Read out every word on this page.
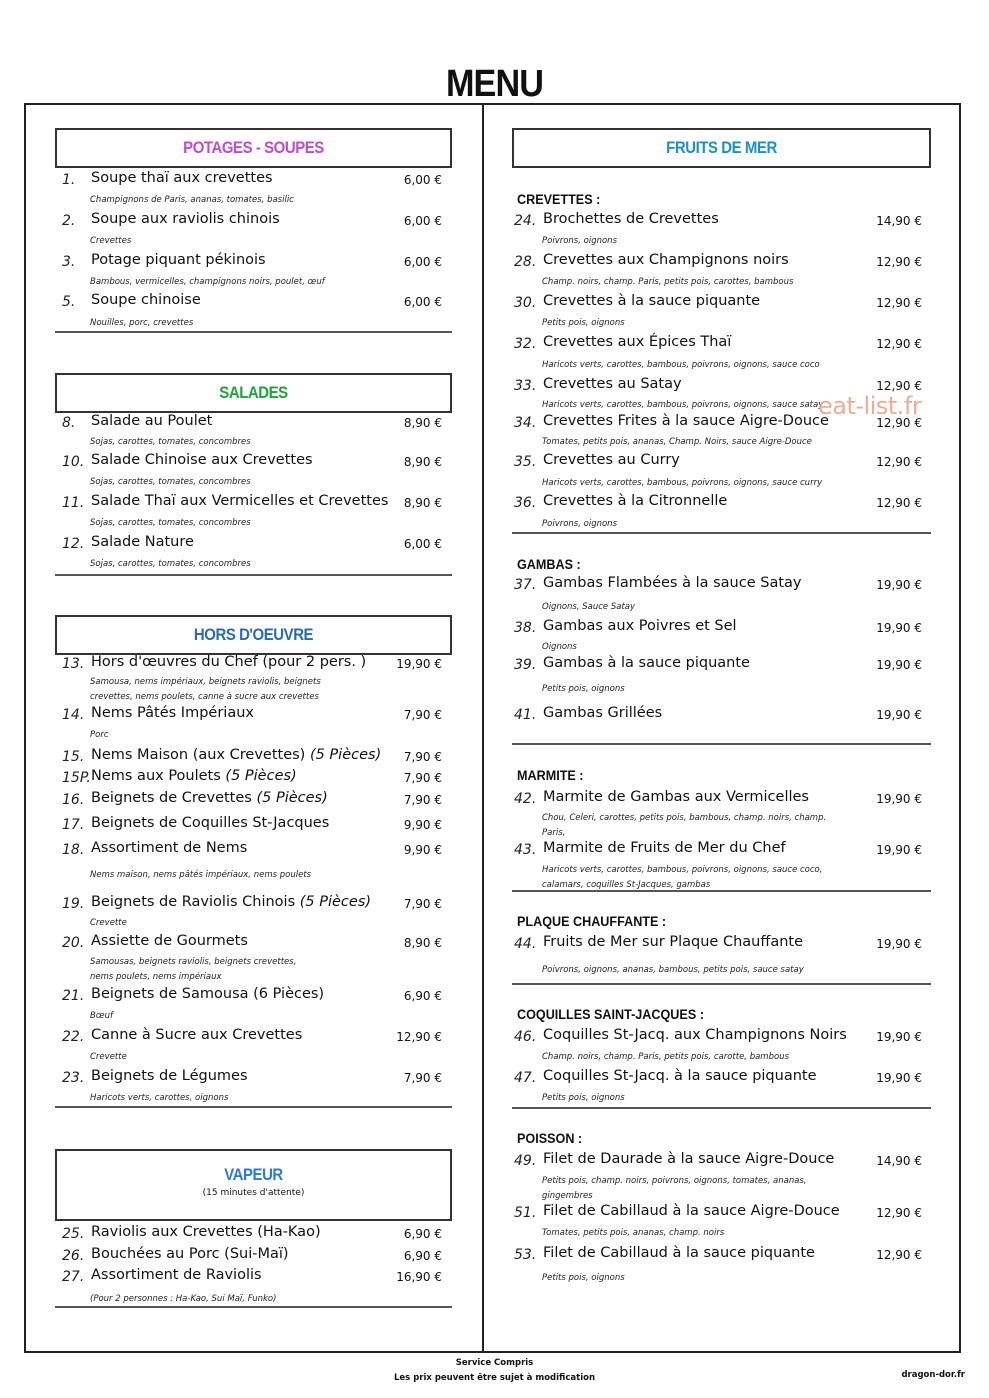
MENU
POTAGES - SOUPES
1. Soupe thaï aux crevettes	6,00 €
Champignons de Paris, ananas, tomates, basilic
2. Soupe aux raviolis chinois	6,00 €
Crevettes
3. Potage piquant pékinois	6,00 €
Bambous, vermicelles, champignons noirs, poulet, œuf
5. Soupe chinoise	6,00 €
Nouilles, porc, crevettes
SALADES
8. Salade au Poulet	8,90 €
Sojas, carottes, tomates, concombres
10. Salade Chinoise aux Crevettes	8,90 €
Sojas, carottes, tomates, concombres
11. Salade Thaï aux Vermicelles et Crevettes	8,90 €
Sojas, carottes, tomates, concombres
12. Salade Nature	6,00 €
Sojas, carottes, tomates, concombres
HORS D'OEUVRE
13. Hors d'œuvres du Chef (pour 2 pers. )	19,90 €
Samousa, nems impériaux, beignets raviolis, beignets
crevettes, nems poulets, canne à sucre aux crevettes
14. Nems Pâtés Impériaux	7,90 €
Porc
15. Nems Maison (aux Crevettes) (5 Pièces)	7,90 €
15P. Nems aux Poulets (5 Pièces)	7,90 €
16. Beignets de Crevettes (5 Pièces)	7,90 €
17. Beignets de Coquilles St-Jacques	9,90 €
18. Assortiment de Nems	9,90 €
Nems maison, nems pâtés impériaux, nems poulets
19. Beignets de Raviolis Chinois (5 Pièces)	7,90 €
Crevette
20. Assiette de Gourmets	8,90 €
Samousas, beignets raviolis, beignets crevettes,
nems poulets, nems impériaux
21. Beignets de Samousa (6 Pièces)	6,90 €
Bœuf
22. Canne à Sucre aux Crevettes	12,90 €
Crevette
23. Beignets de Légumes	7,90 €
Haricots verts, carottes, oignons
VAPEUR
(15 minutes d'attente)
25. Raviolis aux Crevettes (Ha-Kao)	6,90 €
26. Bouchées au Porc (Sui-Maï)	6,90 €
27. Assortiment de Raviolis	16,90 €
(Pour 2 personnes : Ha-Kao, Sui Maï, Funko)
FRUITS DE MER
CREVETTES :
24. Brochettes de Crevettes	14,90 €
Poivrons, oignons
28. Crevettes aux Champignons noirs	12,90 €
Champ. noirs, champ. Paris, petits pois, carottes, bambous
30. Crevettes à la sauce piquante	12,90 €
Petits pois, oignons
32. Crevettes aux Épices Thaï	12,90 €
Haricots verts, carottes, bambous, poivrons, oignons, sauce coco
33. Crevettes au Satay	12,90 €
Haricots verts, carottes, bambous, poivrons, oignons, sauce satay
34. Crevettes Frites à la sauce Aigre-Douce	12,90 €
Tomates, petits pois, ananas, Champ. Noirs, sauce Aigre-Douce
35. Crevettes au Curry	12,90 €
Haricots verts, carottes, bambous, poivrons, oignons, sauce curry
36. Crevettes à la Citronnelle	12,90 €
Poivrons, oignons
GAMBAS :
37. Gambas Flambées à la sauce Satay	19,90 €
Oignons, Sauce Satay
38. Gambas aux Poivres et Sel	19,90 €
Oignons
39. Gambas à la sauce piquante	19,90 €
Petits pois, oignons
41. Gambas Grillées	19,90 €
MARMITE :
42. Marmite de Gambas aux Vermicelles	19,90 €
Chou, Celeri, carottes, petits pois, bambous, champ. noirs, champ.
Paris,
43. Marmite de Fruits de Mer du Chef	19,90 €
Haricots verts, carottes, bambous, poivrons, oignons, sauce coco,
calamars, coquilles St-Jacques, gambas
PLAQUE CHAUFFANTE :
44. Fruits de Mer sur Plaque Chauffante	19,90 €
Poivrons, oignons, ananas, bambous, petits pois, sauce satay
COQUILLES SAINT-JACQUES :
46. Coquilles St-Jacq. aux Champignons Noirs	19,90 €
Champ. noirs, champ. Paris, petits pois, carotte, bambous
47. Coquilles St-Jacq. à la sauce piquante	19,90 €
Petits pois, oignons
POISSON :
49. Filet de Daurade à la sauce Aigre-Douce	14,90 €
Petits pois, champ. noirs, poivrons, oignons, tomates, ananas,
gingembres
51. Filet de Cabillaud à la sauce Aigre-Douce	12,90 €
Tomates, petits pois, ananas, champ. noirs
53. Filet de Cabillaud à la sauce piquante	12,90 €
Petits pois, oignons
eat-list.fr
Service Compris
Les prix peuvent être sujet à modification	dragon-dor.fr
